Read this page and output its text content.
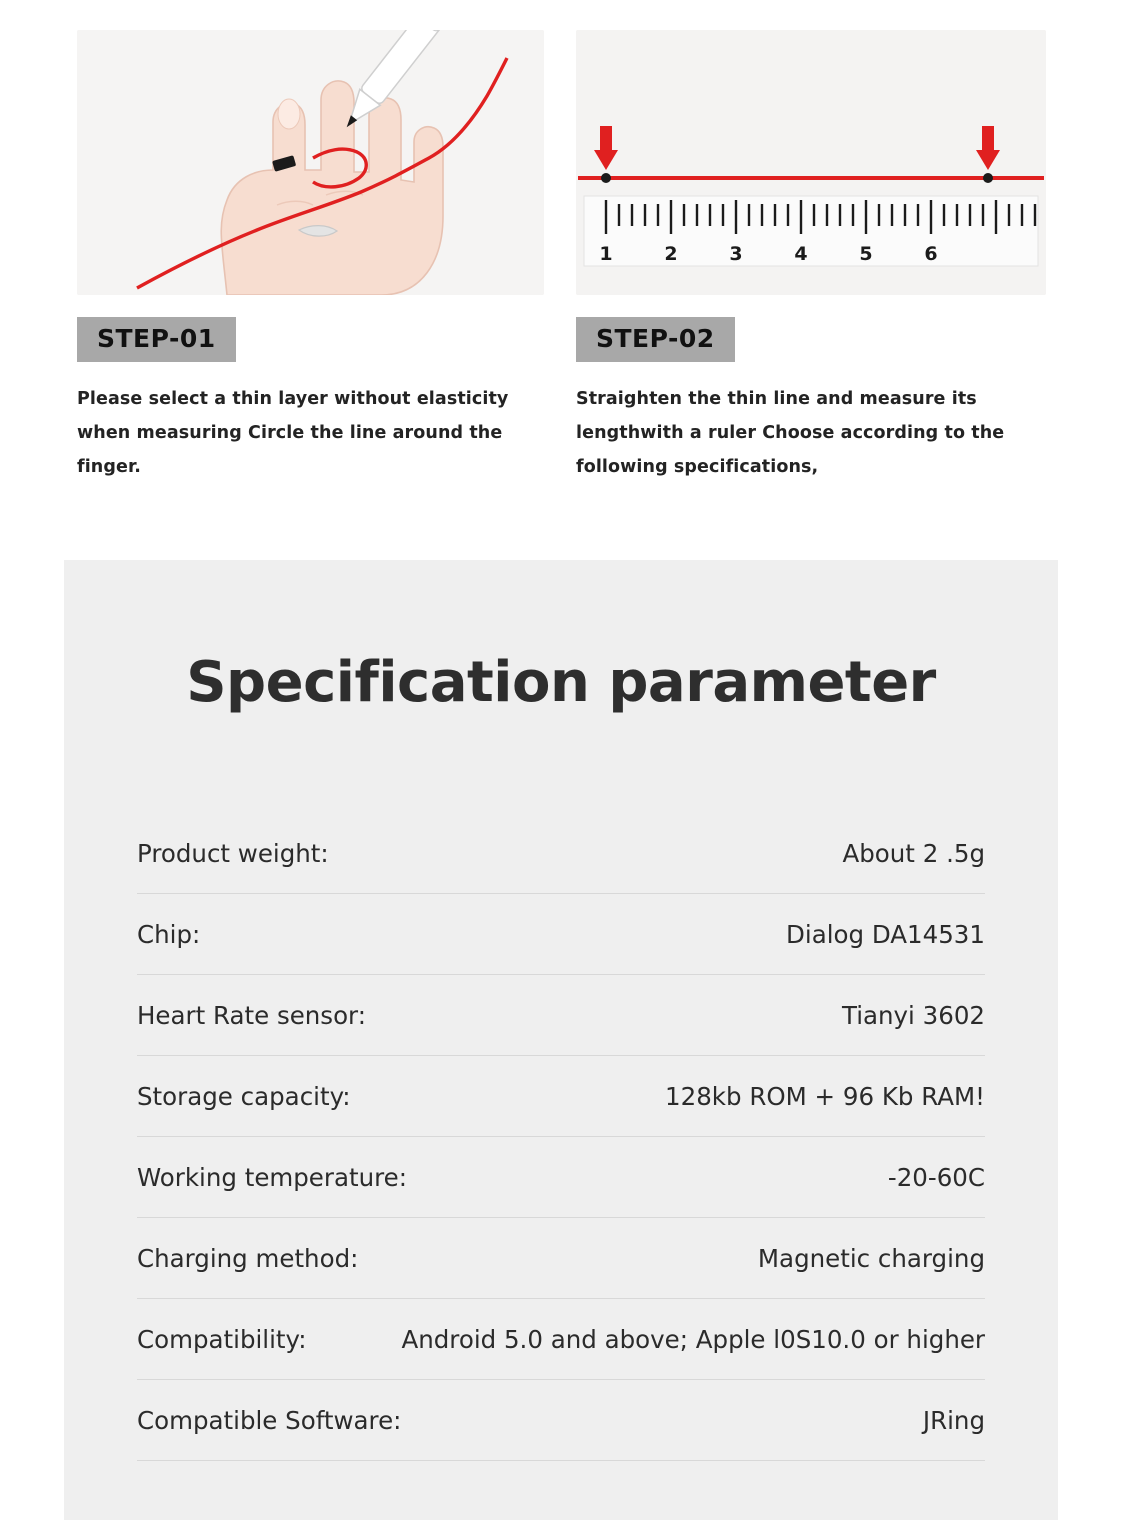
STEP-01
Please select a thin layer without elasticity when measuring Circle the line around the finger.
1	2	3	4	5	6
STEP-02
Straighten the thin line and measure its lengthwith a ruler Choose according to the following specifications,
Specification parameter
Product weight:	About 2 .5g
Chip:	Dialog DA14531
Heart Rate sensor:	Tianyi 3602
Storage capacity:	128kb ROM + 96 Kb RAM!
Working temperature:	-20-60C
Charging method:	Magnetic charging
Compatibility:	Android 5.0 and above; Apple l0S10.0 or higher
Compatible Software:	JRing
